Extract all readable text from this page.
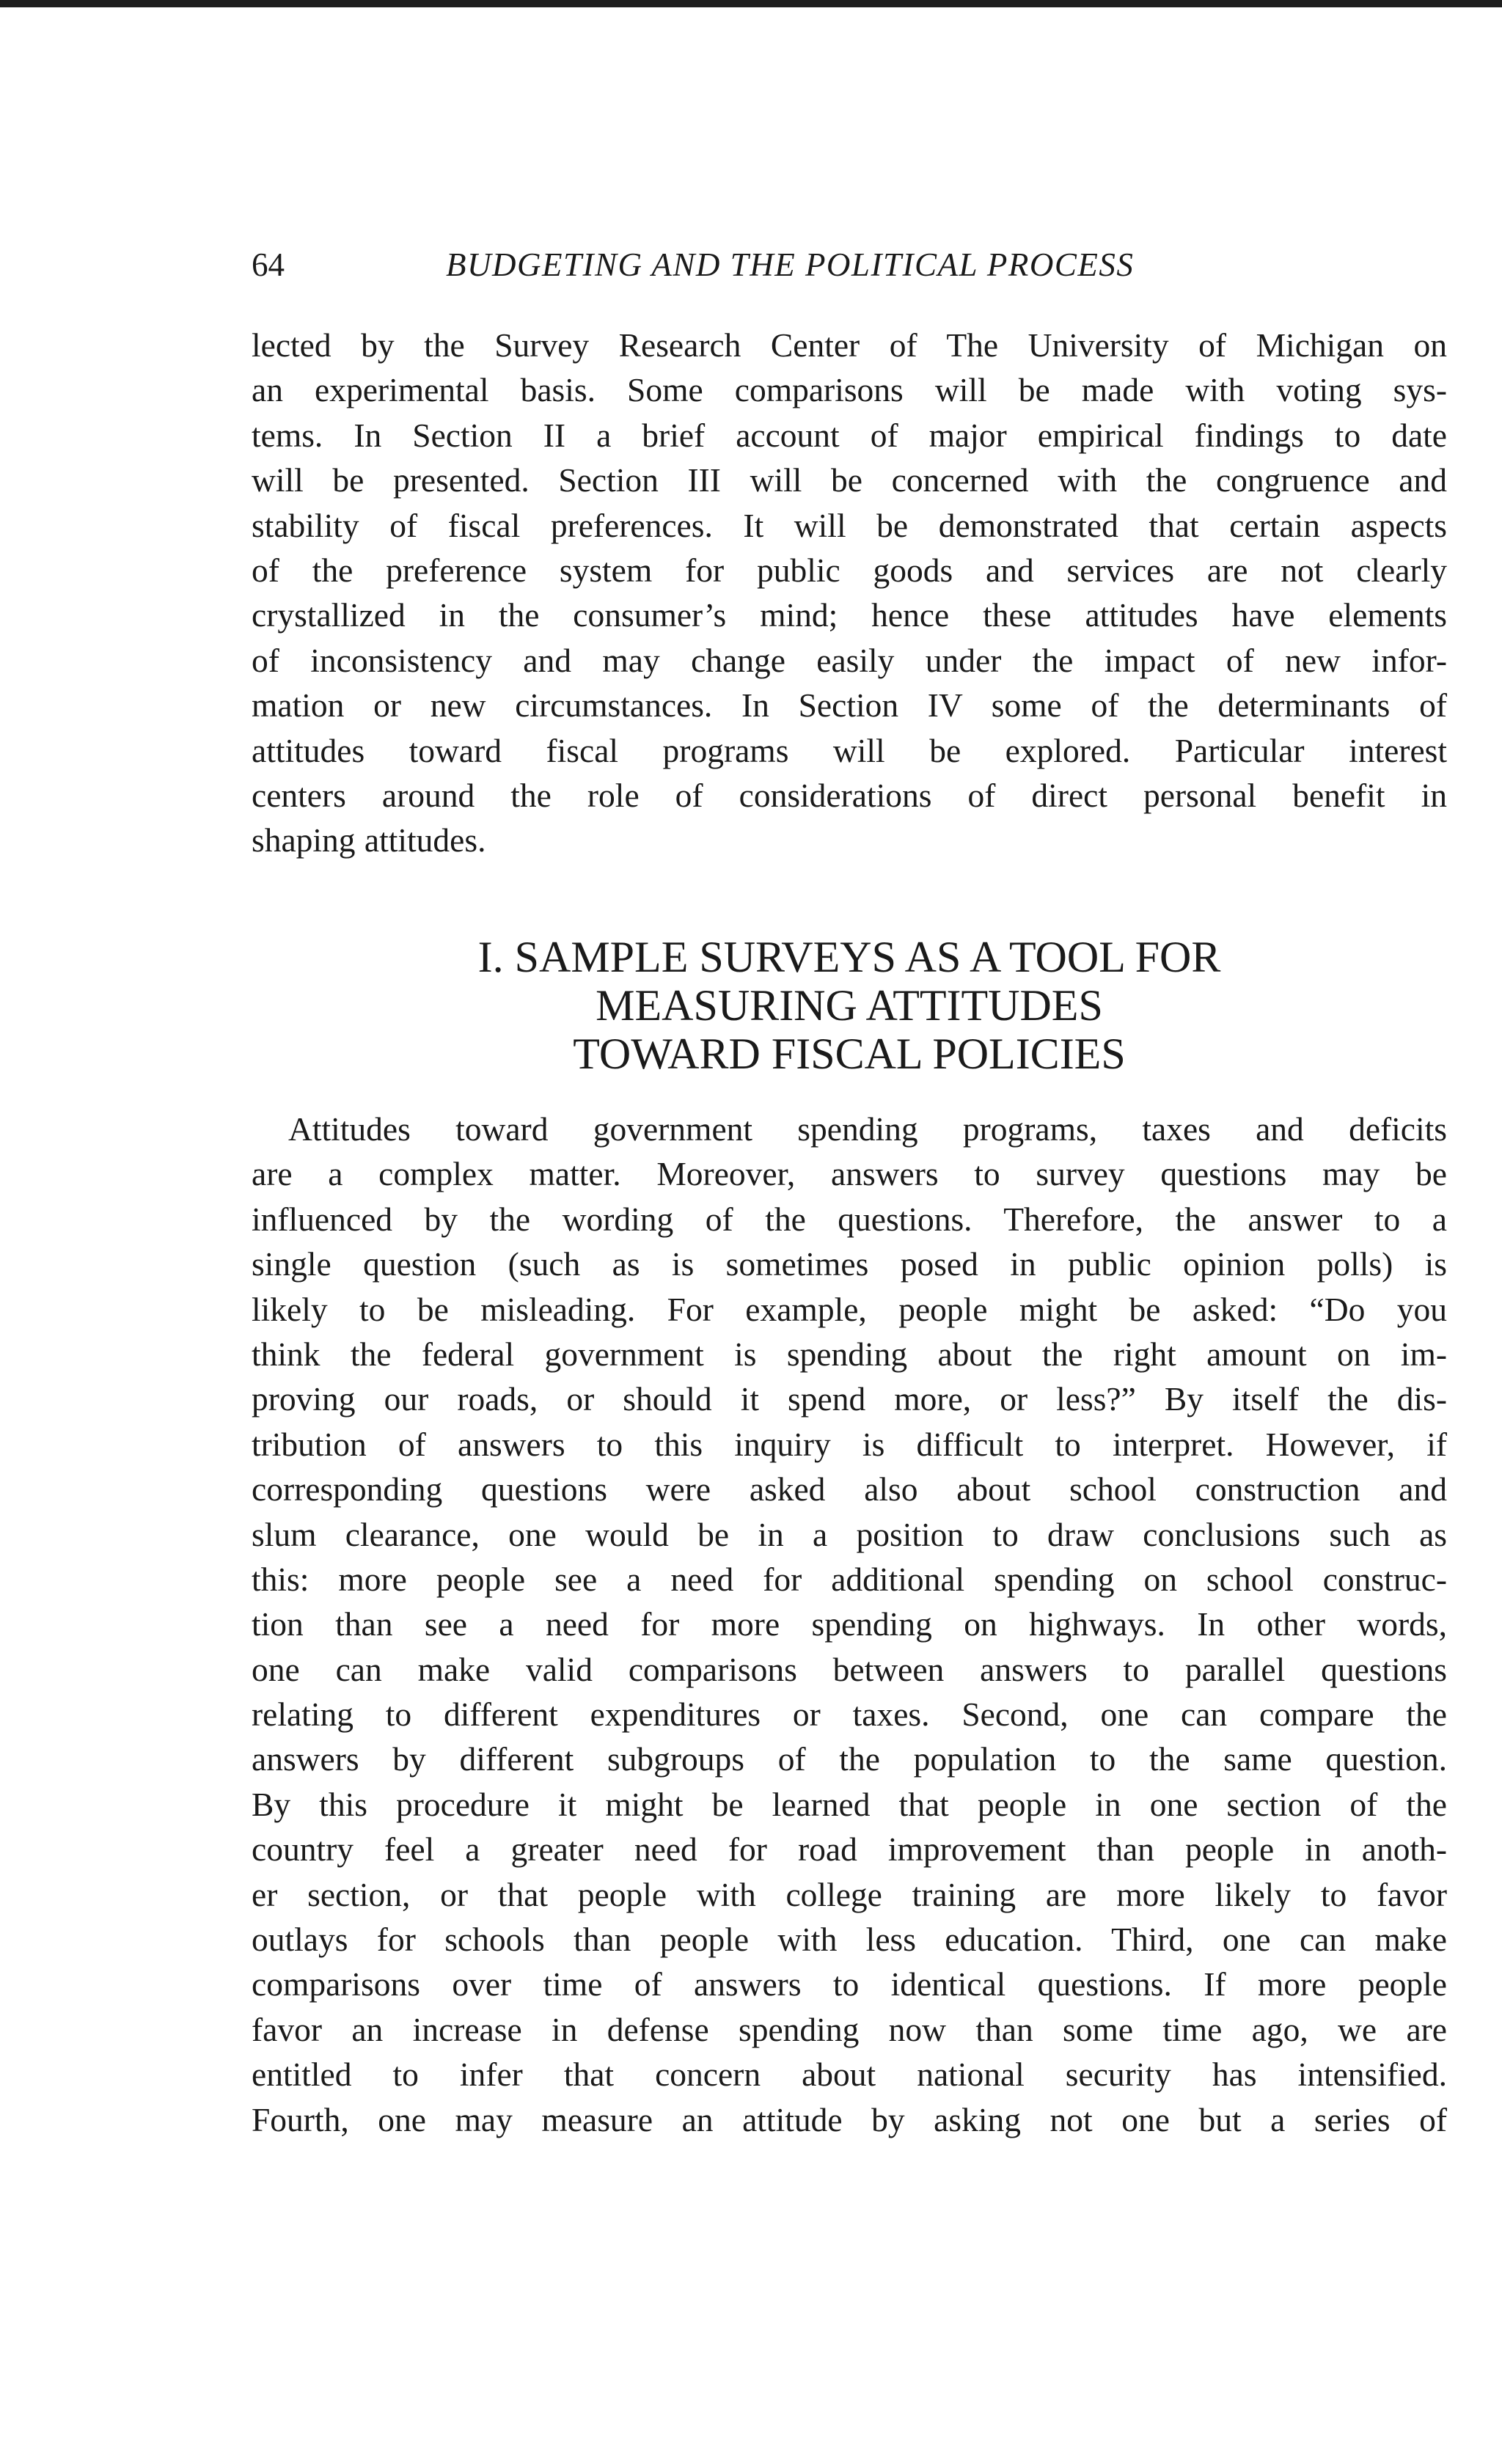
64	BUDGETING AND THE POLITICAL PROCESS
lected by the Survey Research Center of The University of Michigan on
an experimental basis. Some comparisons will be made with voting sys-
tems. In Section II a brief account of major empirical findings to date
will be presented. Section III will be concerned with the congruence and
stability of fiscal preferences. It will be demonstrated that certain aspects
of the preference system for public goods and services are not clearly
crystallized in the consumer’s mind; hence these attitudes have elements
of inconsistency and may change easily under the impact of new infor-
mation or new circumstances. In Section IV some of the determinants of
attitudes toward fiscal programs will be explored. Particular interest
centers around the role of considerations of direct personal benefit in
shaping attitudes.
I. SAMPLE SURVEYS AS A TOOL FOR
MEASURING ATTITUDES
TOWARD FISCAL POLICIES
Attitudes toward government spending programs, taxes and deficits
are a complex matter. Moreover, answers to survey questions may be
influenced by the wording of the questions. Therefore, the answer to a
single question (such as is sometimes posed in public opinion polls) is
likely to be misleading. For example, people might be asked: “Do you
think the federal government is spending about the right amount on im-
proving our roads, or should it spend more, or less?” By itself the dis-
tribution of answers to this inquiry is difficult to interpret. However, if
corresponding questions were asked also about school construction and
slum clearance, one would be in a position to draw conclusions such as
this: more people see a need for additional spending on school construc-
tion than see a need for more spending on highways. In other words,
one can make valid comparisons between answers to parallel questions
relating to different expenditures or taxes. Second, one can compare the
answers by different subgroups of the population to the same question.
By this procedure it might be learned that people in one section of the
country feel a greater need for road improvement than people in anoth-
er section, or that people with college training are more likely to favor
outlays for schools than people with less education. Third, one can make
comparisons over time of answers to identical questions. If more people
favor an increase in defense spending now than some time ago, we are
entitled to infer that concern about national security has intensified.
Fourth, one may measure an attitude by asking not one but a series of
